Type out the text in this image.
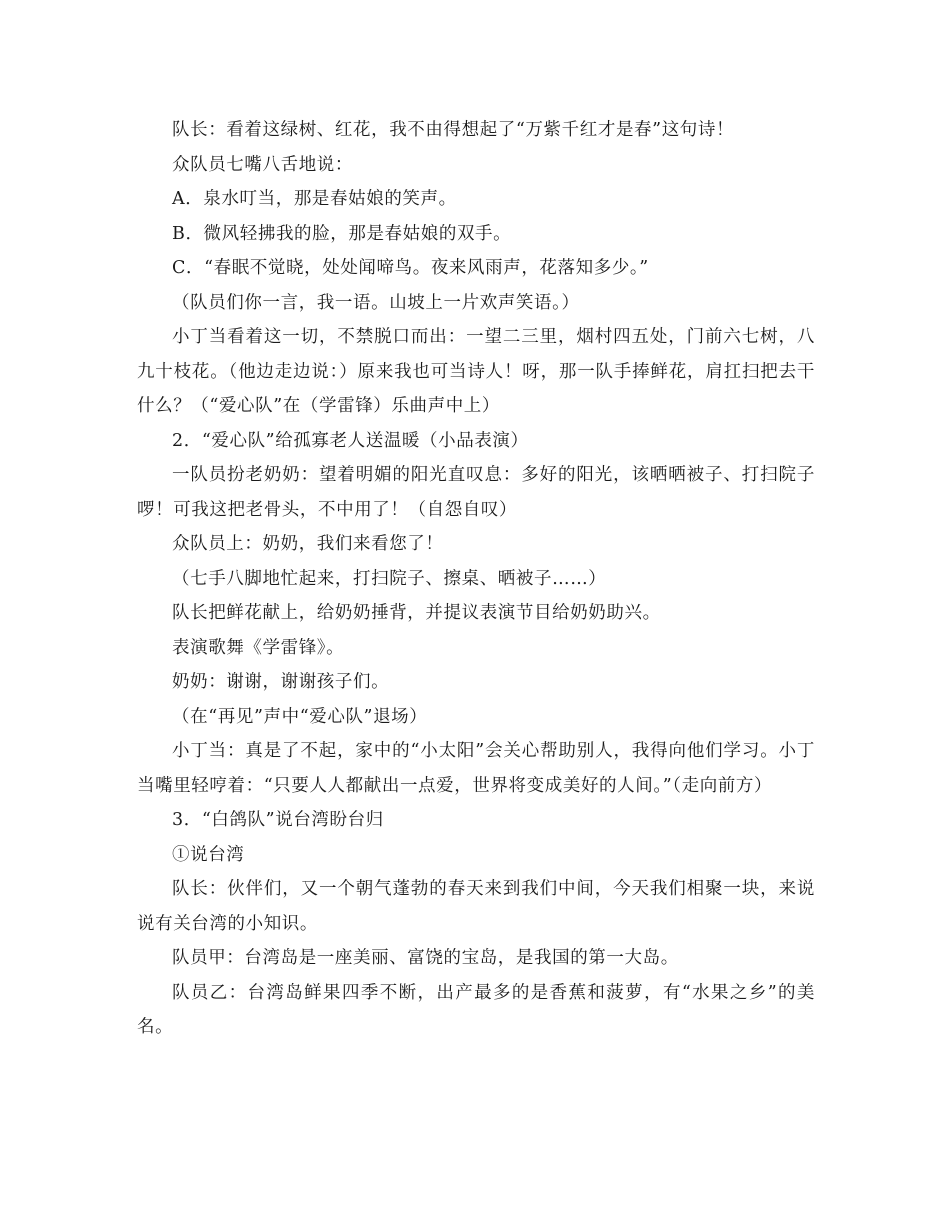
队长：看着这绿树、红花，我不由得想起了“万紫千红才是春”这句诗！

众队员七嘴八舌地说：

A．泉水叮当，那是春姑娘的笑声。

B．微风轻拂我的脸，那是春姑娘的双手。

C．“春眠不觉晓，处处闻啼鸟。夜来风雨声，花落知多少。”

（队员们你一言，我一语。山坡上一片欢声笑语。）

小丁当看着这一切，不禁脱口而出：一望二三里，烟村四五处，门前六七树，八九十枝花。（他边走边说：）原来我也可当诗人！呀，那一队手捧鲜花，肩扛扫把去干什么？（“爱心队”在（学雷锋）乐曲声中上）

2．“爱心队”给孤寡老人送温暖（小品表演）

一队员扮老奶奶：望着明媚的阳光直叹息：多好的阳光，该晒晒被子、打扫院子啰！可我这把老骨头，不中用了！（自怨自叹）

众队员上：奶奶，我们来看您了！

（七手八脚地忙起来，打扫院子、擦桌、晒被子……）

队长把鲜花献上，给奶奶捶背，并提议表演节目给奶奶助兴。

表演歌舞《学雷锋》。

奶奶：谢谢，谢谢孩子们。

（在“再见”声中“爱心队”退场）

小丁当：真是了不起，家中的“小太阳”会关心帮助别人，我得向他们学习。小丁当嘴里轻哼着：“只要人人都献出一点爱，世界将变成美好的人间。”（走向前方）

3．“白鸽队”说台湾盼台归

①说台湾

队长：伙伴们，又一个朝气蓬勃的春天来到我们中间，今天我们相聚一块，来说说有关台湾的小知识。

队员甲：台湾岛是一座美丽、富饶的宝岛，是我国的第一大岛。

队员乙：台湾岛鲜果四季不断，出产最多的是香蕉和菠萝，有“水果之乡”的美名。
